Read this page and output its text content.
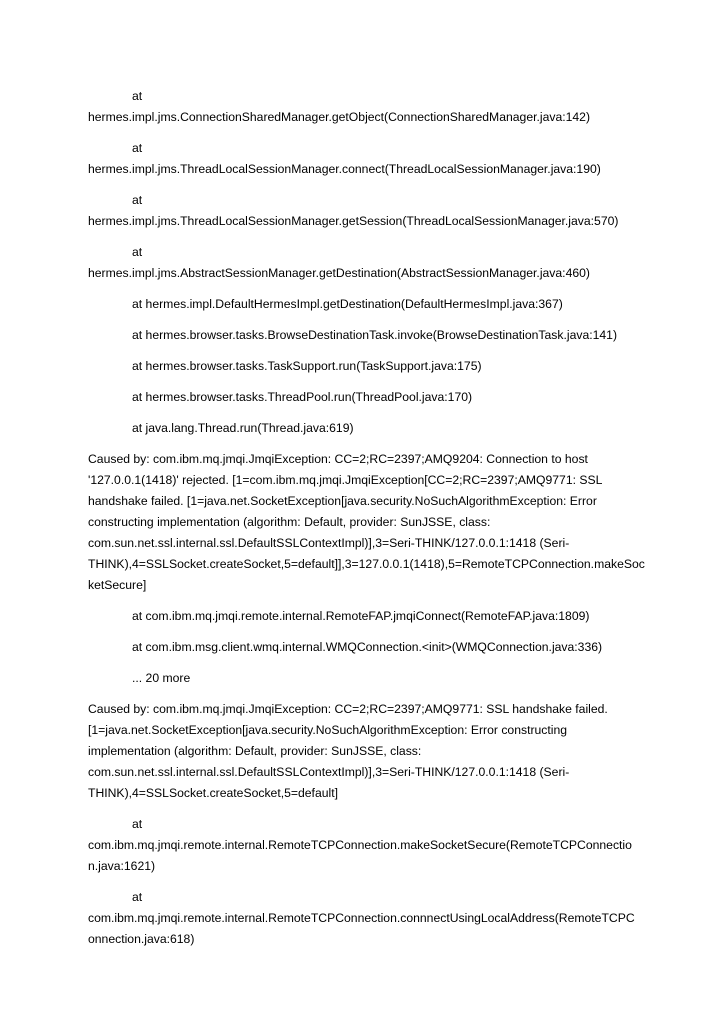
at
hermes.impl.jms.ConnectionSharedManager.getObject(ConnectionSharedManager.java:142)
at
hermes.impl.jms.ThreadLocalSessionManager.connect(ThreadLocalSessionManager.java:190)
at
hermes.impl.jms.ThreadLocalSessionManager.getSession(ThreadLocalSessionManager.java:570)
at
hermes.impl.jms.AbstractSessionManager.getDestination(AbstractSessionManager.java:460)
at hermes.impl.DefaultHermesImpl.getDestination(DefaultHermesImpl.java:367)
at hermes.browser.tasks.BrowseDestinationTask.invoke(BrowseDestinationTask.java:141)
at hermes.browser.tasks.TaskSupport.run(TaskSupport.java:175)
at hermes.browser.tasks.ThreadPool.run(ThreadPool.java:170)
at java.lang.Thread.run(Thread.java:619)
Caused by: com.ibm.mq.jmqi.JmqiException: CC=2;RC=2397;AMQ9204: Connection to host
'127.0.0.1(1418)' rejected. [1=com.ibm.mq.jmqi.JmqiException[CC=2;RC=2397;AMQ9771: SSL
handshake failed. [1=java.net.SocketException[java.security.NoSuchAlgorithmException: Error
constructing implementation (algorithm: Default, provider: SunJSSE, class:
com.sun.net.ssl.internal.ssl.DefaultSSLContextImpl)],3=Seri-THINK/127.0.0.1:1418 (Seri-
THINK),4=SSLSocket.createSocket,5=default]],3=127.0.0.1(1418),5=RemoteTCPConnection.makeSoc
ketSecure]
at com.ibm.mq.jmqi.remote.internal.RemoteFAP.jmqiConnect(RemoteFAP.java:1809)
at com.ibm.msg.client.wmq.internal.WMQConnection.<init>(WMQConnection.java:336)
... 20 more
Caused by: com.ibm.mq.jmqi.JmqiException: CC=2;RC=2397;AMQ9771: SSL handshake failed.
[1=java.net.SocketException[java.security.NoSuchAlgorithmException: Error constructing
implementation (algorithm: Default, provider: SunJSSE, class:
com.sun.net.ssl.internal.ssl.DefaultSSLContextImpl)],3=Seri-THINK/127.0.0.1:1418 (Seri-
THINK),4=SSLSocket.createSocket,5=default]
at
com.ibm.mq.jmqi.remote.internal.RemoteTCPConnection.makeSocketSecure(RemoteTCPConnectio
n.java:1621)
at
com.ibm.mq.jmqi.remote.internal.RemoteTCPConnection.connnectUsingLocalAddress(RemoteTCPC
onnection.java:618)
